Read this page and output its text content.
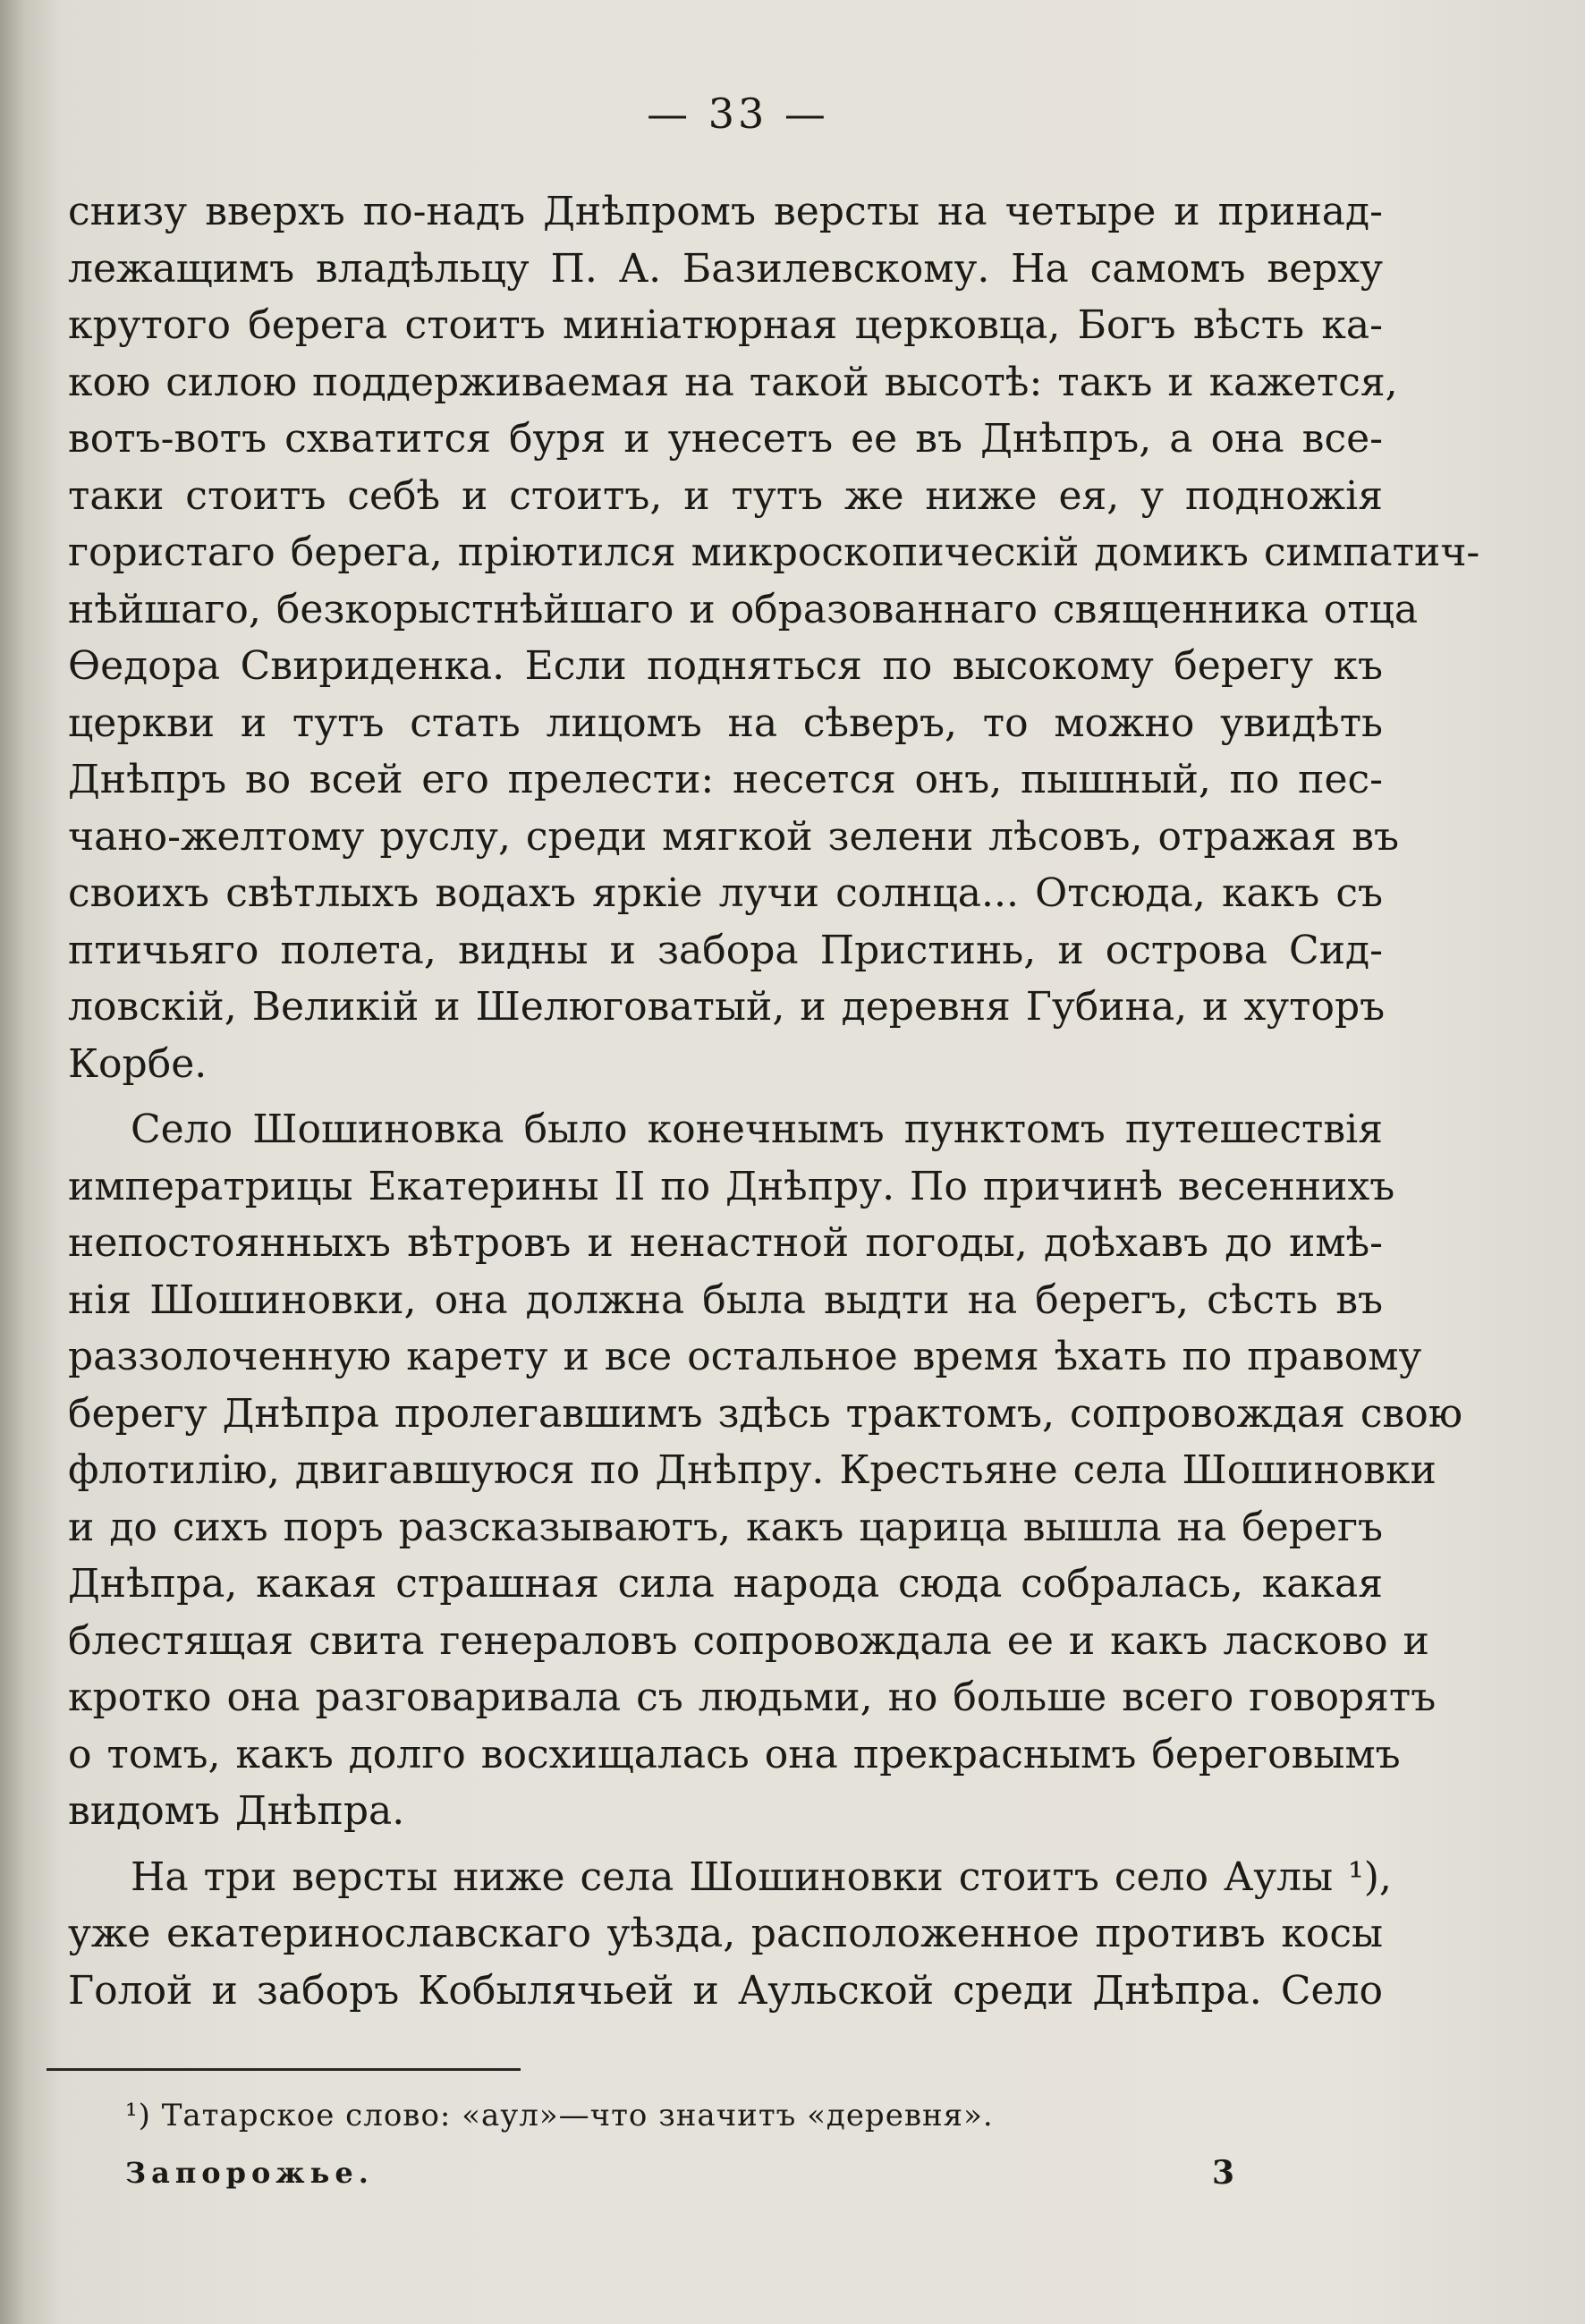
— 33 —

снизу вверхъ по-надъ Днѣпромъ версты на четыре и принад-
лежащимъ владѣльцу П. А. Базилевскому. На самомъ верху
крутого берега стоитъ миніатюрная церковца, Богъ вѣсть ка-
кою силою поддерживаемая на такой высотѣ: такъ и кажется,
вотъ-вотъ схватится буря и унесетъ ее въ Днѣпръ, а она все-
таки стоитъ себѣ и стоитъ, и тутъ же ниже ея, у подножія
гористаго берега, пріютился микроскопическій домикъ симпатич-
нѣйшаго, безкорыстнѣйшаго и образованнаго священника отца
Ѳедора Свириденка. Если подняться по высокому берегу къ
церкви и тутъ стать лицомъ на сѣверъ, то можно увидѣть
Днѣпръ во всей его прелести: несется онъ, пышный, по пес-
чано-желтому руслу, среди мягкой зелени лѣсовъ, отражая въ
своихъ свѣтлыхъ водахъ яркіе лучи солнца... Отсюда, какъ съ
птичьяго полета, видны и забора Пристинь, и острова Сид-
ловскій, Великій и Шелюговатый, и деревня Губина, и хуторъ
Корбе.

Село Шошиновка было конечнымъ пунктомъ путешествія
императрицы Екатерины II по Днѣпру. По причинѣ весеннихъ
непостоянныхъ вѣтровъ и ненастной погоды, доѣхавъ до имѣ-
нія Шошиновки, она должна была выдти на берегъ, сѣсть въ
раззолоченную карету и все остальное время ѣхать по правому
берегу Днѣпра пролегавшимъ здѣсь трактомъ, сопровождая свою
флотилію, двигавшуюся по Днѣпру. Крестьяне села Шошиновки
и до сихъ поръ разсказываютъ, какъ царица вышла на берегъ
Днѣпра, какая страшная сила народа сюда собралась, какая
блестящая свита генераловъ сопровождала ее и какъ ласково и
кротко она разговаривала съ людьми, но больше всего говорятъ
о томъ, какъ долго восхищалась она прекраснымъ береговымъ
видомъ Днѣпра.

На три версты ниже села Шошиновки стоитъ село Аулы ¹),
уже екатеринославскаго уѣзда, расположенное противъ косы
Голой и заборъ Кобылячьей и Аульской среди Днѣпра. Село

¹) Татарское слово: «аул»—что значитъ «деревня».
Запорожье.	3
